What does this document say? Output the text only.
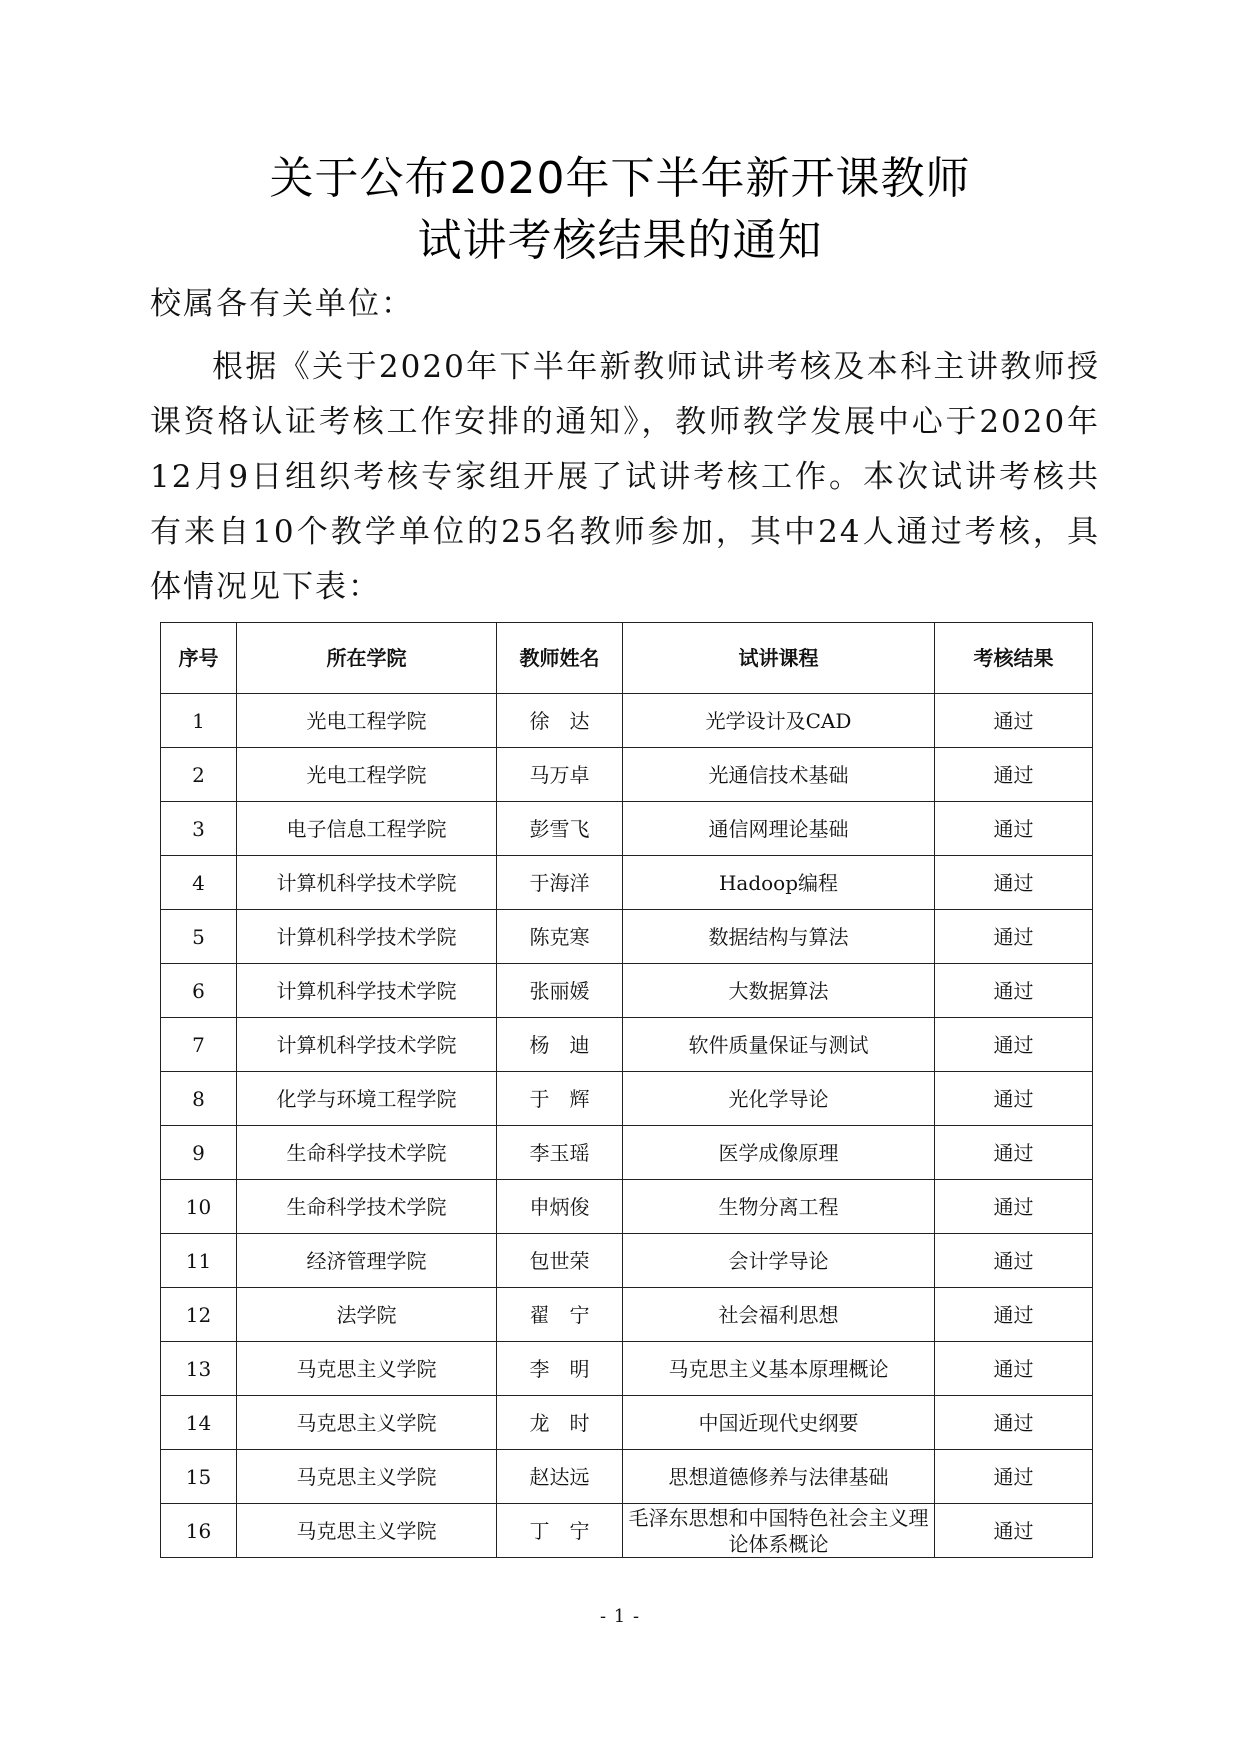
关于公布2020年下半年新开课教师
试讲考核结果的通知
校属各有关单位：
根据《关于2020年下半年新教师试讲考核及本科主讲教师授课资格认证考核工作安排的通知》，教师教学发展中心于2020年12月9日组织考核专家组开展了试讲考核工作。本次试讲考核共有来自10个教学单位的25名教师参加，其中24人通过考核，具体情况见下表：
序号	所在学院	教师姓名	试讲课程	考核结果
1	光电工程学院	徐　达	光学设计及CAD	通过
2	光电工程学院	马万卓	光通信技术基础	通过
3	电子信息工程学院	彭雪飞	通信网理论基础	通过
4	计算机科学技术学院	于海洋	Hadoop编程	通过
5	计算机科学技术学院	陈克寒	数据结构与算法	通过
6	计算机科学技术学院	张丽媛	大数据算法	通过
7	计算机科学技术学院	杨　迪	软件质量保证与测试	通过
8	化学与环境工程学院	于　辉	光化学导论	通过
9	生命科学技术学院	李玉瑶	医学成像原理	通过
10	生命科学技术学院	申炳俊	生物分离工程	通过
11	经济管理学院	包世荣	会计学导论	通过
12	法学院	翟　宁	社会福利思想	通过
13	马克思主义学院	李　明	马克思主义基本原理概论	通过
14	马克思主义学院	龙　时	中国近现代史纲要	通过
15	马克思主义学院	赵达远	思想道德修养与法律基础	通过
16	马克思主义学院	丁　宁	毛泽东思想和中国特色社会主义理论体系概论	通过
- 1 -
